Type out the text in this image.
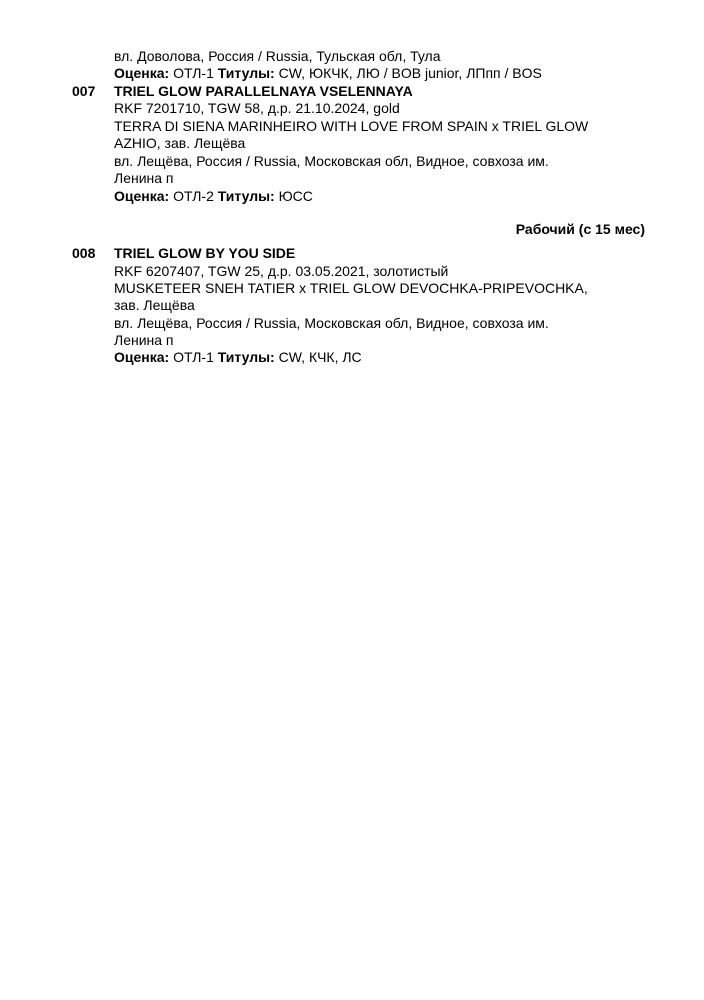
вл. Доволова, Россия / Russia, Тульская обл, Тула
Оценка: ОТЛ-1 Титулы: CW, ЮКЧК, ЛЮ / BOB junior, ЛПпп / BOS
007 TRIEL GLOW PARALLELNAYA VSELENNAYA
RKF 7201710, TGW 58, д.р. 21.10.2024, gold
TERRA DI SIENA MARINHEIRO WITH LOVE FROM SPAIN x TRIEL GLOW
AZHIO, зав. Лещёва
вл. Лещёва, Россия / Russia, Московская обл, Видное, совхоза им.
Ленина п
Оценка: ОТЛ-2 Титулы: ЮСС
Рабочий (с 15 мес)
008 TRIEL GLOW BY YOU SIDE
RKF 6207407, TGW 25, д.р. 03.05.2021, золотистый
MUSKETEER SNEH TATIER x TRIEL GLOW DEVOCHKA-PRIPEVOCHKA,
зав. Лещёва
вл. Лещёва, Россия / Russia, Московская обл, Видное, совхоза им.
Ленина п
Оценка: ОТЛ-1 Титулы: CW, КЧК, ЛС
